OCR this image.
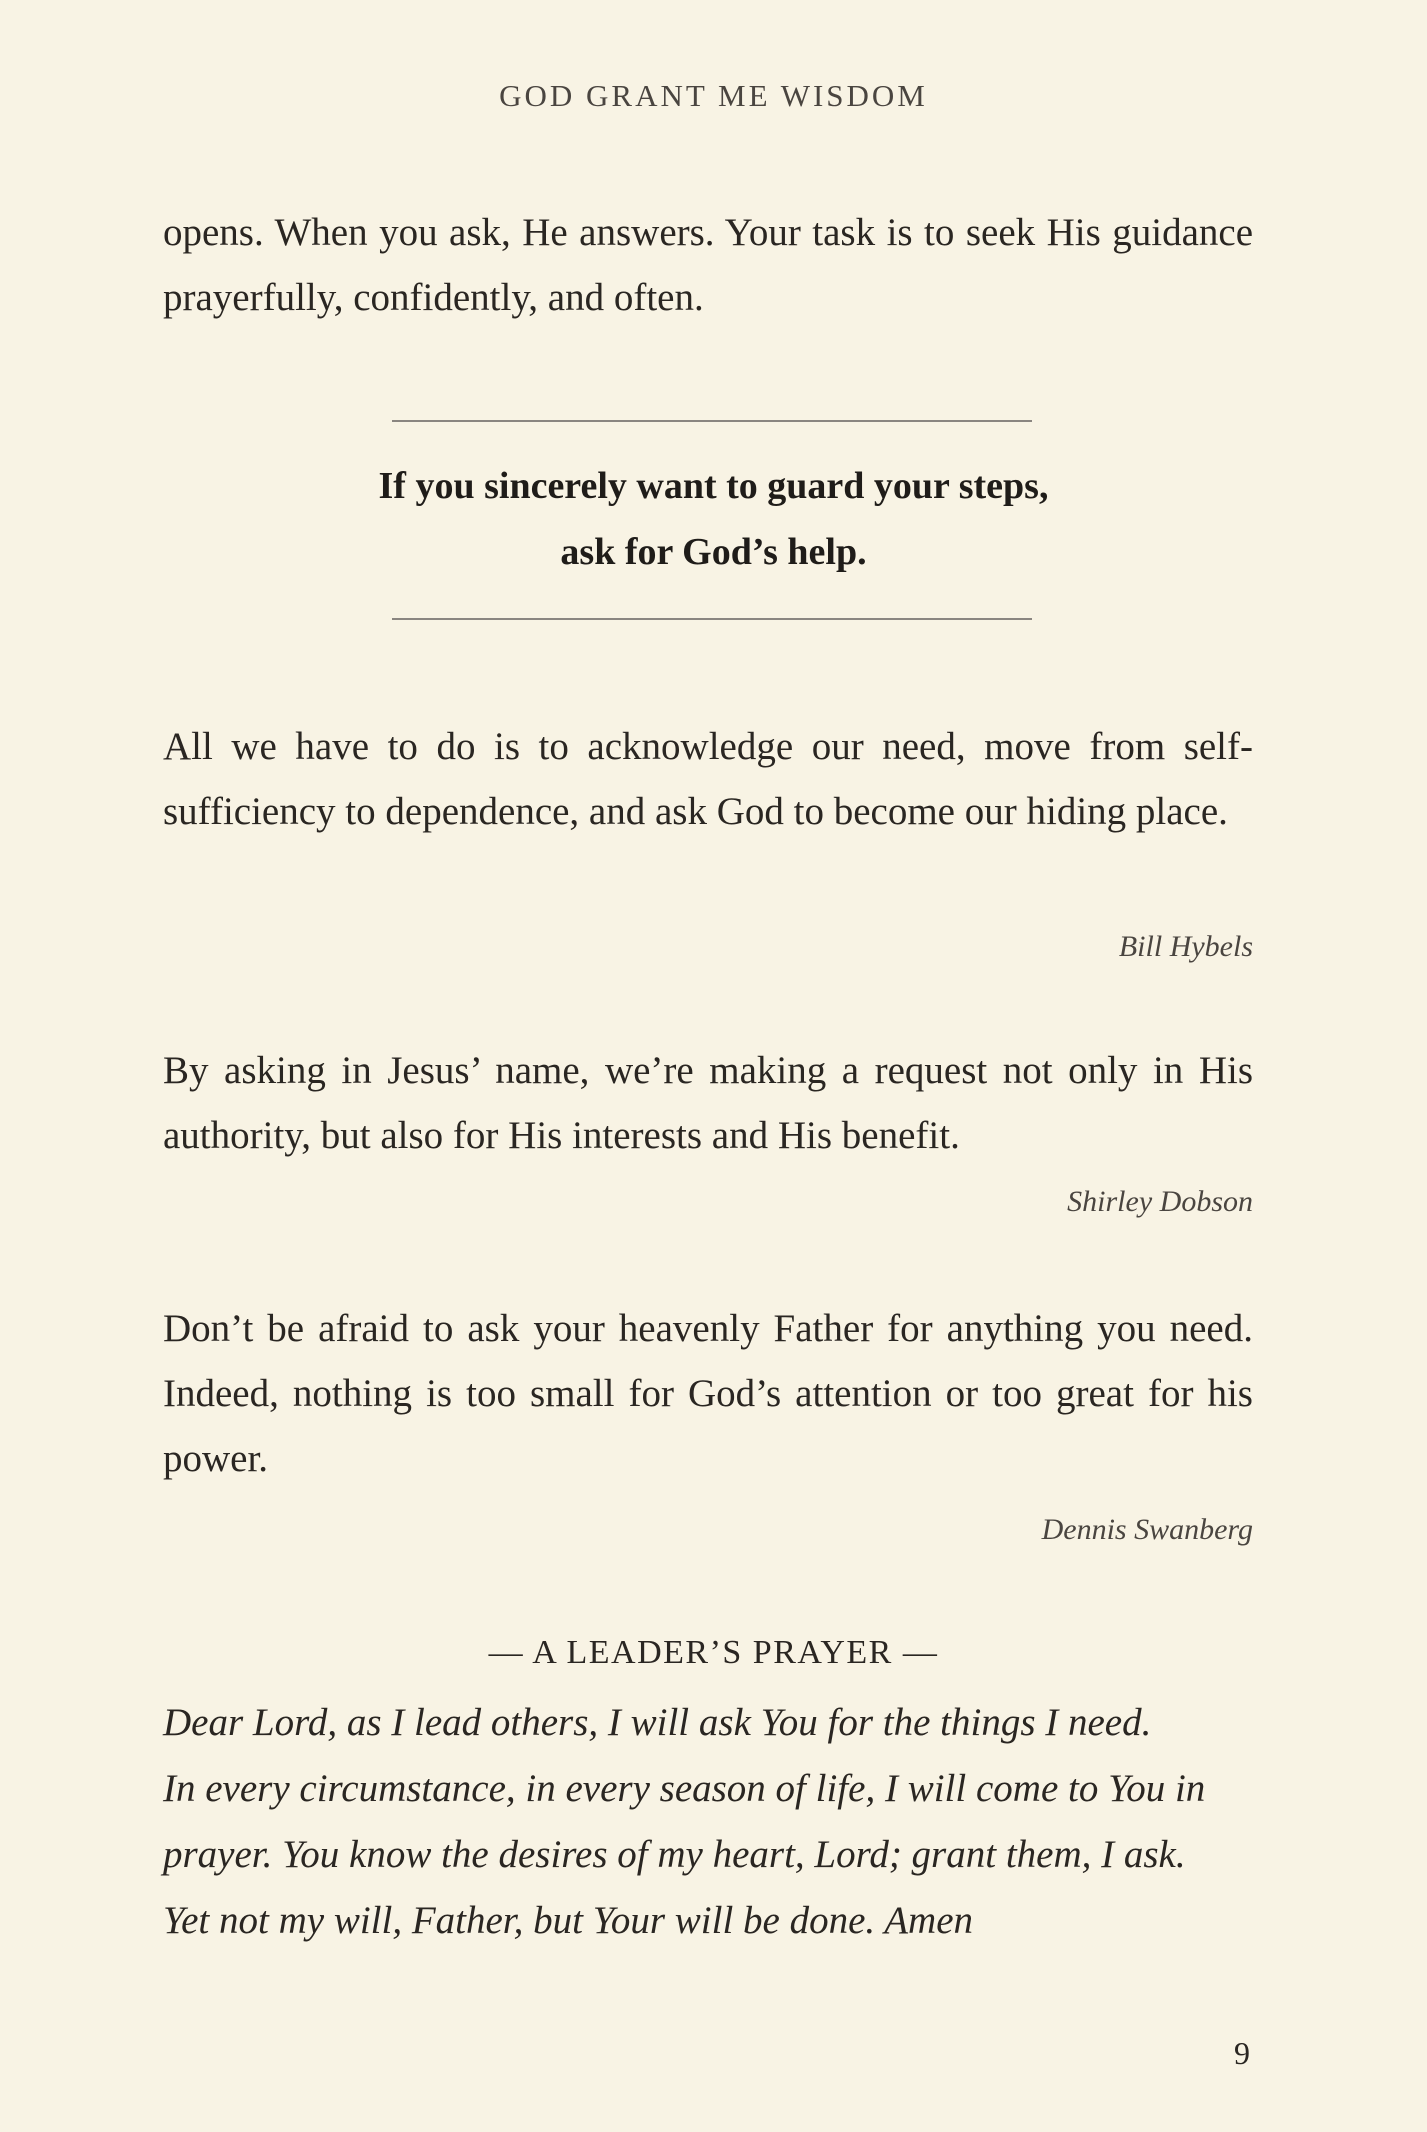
GOD GRANT ME WISDOM

opens. When you ask, He answers. Your task is to seek His guidance prayerfully, confidently, and often.

If you sincerely want to guard your steps,
ask for God’s help.

All we have to do is to acknowledge our need, move from self-sufficiency to dependence, and ask God to become our hiding place.

Bill Hybels

By asking in Jesus’ name, we’re making a request not only in His authority, but also for His interests and His benefit.

Shirley Dobson

Don’t be afraid to ask your heavenly Father for anything you need. Indeed, nothing is too small for God’s attention or too great for his power.

Dennis Swanberg
— A LEADER’S PRAYER —
Dear Lord, as I lead others, I will ask You for the things I need.
In every circumstance, in every season of life, I will come to You in
prayer. You know the desires of my heart, Lord; grant them, I ask.
Yet not my will, Father, but Your will be done. Amen
9
